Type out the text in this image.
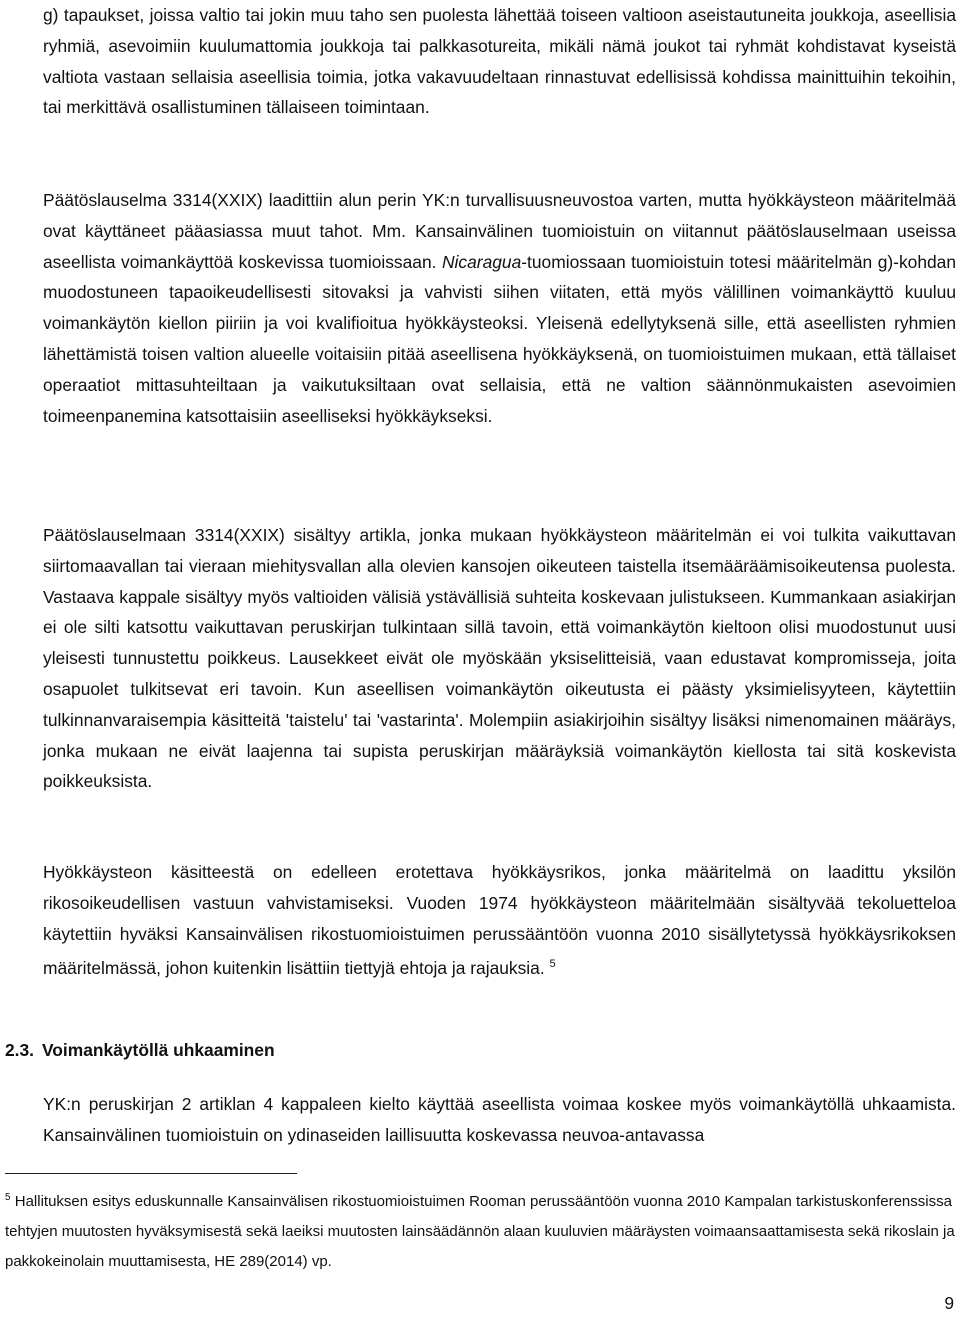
g) tapaukset, joissa valtio tai jokin muu taho sen puolesta lähettää toiseen valtioon aseistautuneita joukkoja, aseellisia ryhmiä, asevoimiin kuulumattomia joukkoja tai palkkasotureita, mikäli nämä joukot tai ryhmät kohdistavat kyseistä valtiota vastaan sellaisia aseellisia toimia, jotka vakavuudeltaan rinnastuvat edellisissä kohdissa mainittuihin tekoihin, tai merkittävä osallistuminen tällaiseen toimintaan.

Päätöslauselma 3314(XXIX) laadittiin alun perin YK:n turvallisuusneuvostoa varten, mutta hyökkäysteon määritelmää ovat käyttäneet pääasiassa muut tahot. Mm. Kansainvälinen tuomioistuin on viitannut päätöslauselmaan useissa aseellista voimankäyttöä koskevissa tuomioissaan. Nicaragua-tuomiossaan tuomioistuin totesi määritelmän g)-kohdan muodostuneen tapaoikeudellisesti sitovaksi ja vahvisti siihen viitaten, että myös välillinen voimankäyttö kuuluu voimankäytön kiellon piiriin ja voi kvalifioitua hyökkäysteoksi. Yleisenä edellytyksenä sille, että aseellisten ryhmien lähettämistä toisen valtion alueelle voitaisiin pitää aseellisena hyökkäyksenä, on tuomioistuimen mukaan, että tällaiset operaatiot mittasuhteiltaan ja vaikutuksiltaan ovat sellaisia, että ne valtion säännönmukaisten asevoimien toimeenpanemina katsottaisiin aseelliseksi hyökkäykseksi.

Päätöslauselmaan 3314(XXIX) sisältyy artikla, jonka mukaan hyökkäysteon määritelmän ei voi tulkita vaikuttavan siirtomaavallan tai vieraan miehitysvallan alla olevien kansojen oikeuteen taistella itsemääräämisoikeutensa puolesta. Vastaava kappale sisältyy myös valtioiden välisiä ystävällisiä suhteita koskevaan julistukseen. Kummankaan asiakirjan ei ole silti katsottu vaikuttavan peruskirjan tulkintaan sillä tavoin, että voimankäytön kieltoon olisi muodostunut uusi yleisesti tunnustettu poikkeus. Lausekkeet eivät ole myöskään yksiselitteisiä, vaan edustavat kompromisseja, joita osapuolet tulkitsevat eri tavoin. Kun aseellisen voimankäytön oikeutusta ei päästy yksimielisyyteen, käytettiin tulkinnanvaraisempia käsitteitä 'taistelu' tai 'vastarinta'. Molempiin asiakirjoihin sisältyy lisäksi nimenomainen määräys, jonka mukaan ne eivät laajenna tai supista peruskirjan määräyksiä voimankäytön kiellosta tai sitä koskevista poikkeuksista.

Hyökkäysteon käsitteestä on edelleen erotettava hyökkäysrikos, jonka määritelmä on laadittu yksilön rikosoikeudellisen vastuun vahvistamiseksi. Vuoden 1974 hyökkäysteon määritelmään sisältyvää tekoluetteloa käytettiin hyväksi Kansainvälisen rikostuomioistuimen perussääntöön vuonna 2010 sisällytetyssä hyökkäysrikoksen määritelmässä, johon kuitenkin lisättiin tiettyjä ehtoja ja rajauksia. $^5$

2.3. Voimankäytöllä uhkaaminen

YK:n peruskirjan 2 artiklan 4 kappaleen kielto käyttää aseellista voimaa koskee myös voimankäytöllä uhkaamista. Kansainvälinen tuomioistuin on ydinaseiden laillisuutta koskevassa neuvoa-antavassa

$^5$ Hallituksen esitys eduskunnalle Kansainvälisen rikostuomioistuimen Rooman perussääntöön vuonna 2010 Kampalan tarkistuskonferenssissa tehtyjen muutosten hyväksymisestä sekä laeiksi muutosten lainsäädännön alaan kuuluvien määräysten voimaansaattamisesta sekä rikoslain ja pakkokeinolain muuttamisesta, HE 289(2014) vp.

9
